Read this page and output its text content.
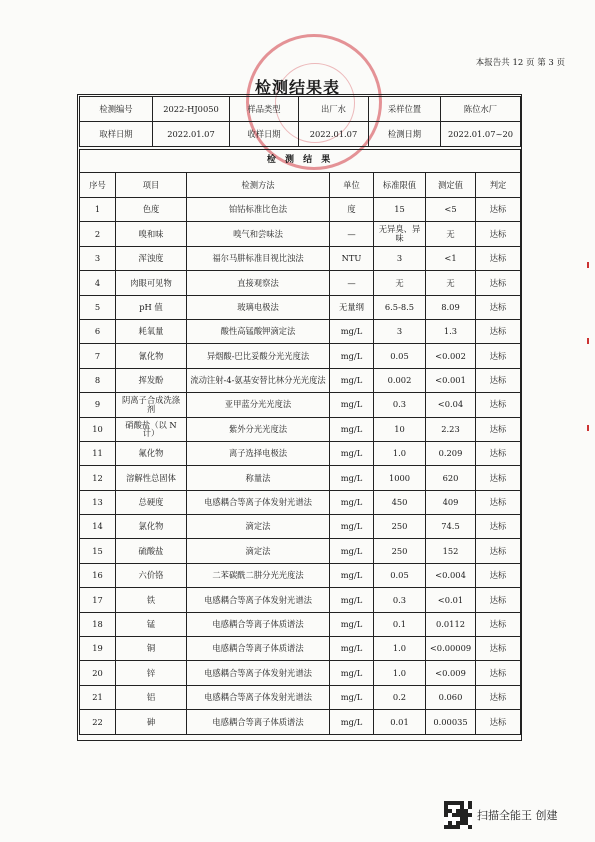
本报告共 12 页 第 3 页
检测结果表
检测编号	2022-HJ0050	样品类型	出厂水	采样位置	陈位水厂
取样日期	2022.01.07	收样日期	2022.01.07	检测日期	2022.01.07~20
检 测 结 果						
序号	项目	检测方法	单位	标准限值	测定值	判定
1	色度	铂钴标准比色法	度	15	<5	达标
2	嗅和味	嗅气和尝味法	—	无异臭、异味	无	达标
3	浑浊度	福尔马肼标准目视比浊法	NTU	3	<1	达标
4	肉眼可见物	直接观察法	—	无	无	达标
5	pH 值	玻璃电极法	无量纲	6.5-8.5	8.09	达标
6	耗氧量	酸性高锰酸钾滴定法	mg/L	3	1.3	达标
7	氰化物	异烟酸-巴比妥酸分光光度法	mg/L	0.05	<0.002	达标
8	挥发酚	流动注射-4-氨基安替比林分光光度法	mg/L	0.002	<0.001	达标
9	阴离子合成洗涤剂	亚甲蓝分光光度法	mg/L	0.3	<0.04	达标
10	硝酸盐（以 N 计）	紫外分光光度法	mg/L	10	2.23	达标
11	氟化物	离子选择电极法	mg/L	1.0	0.209	达标
12	溶解性总固体	称量法	mg/L	1000	620	达标
13	总硬度	电感耦合等离子体发射光谱法	mg/L	450	409	达标
14	氯化物	滴定法	mg/L	250	74.5	达标
15	硫酸盐	滴定法	mg/L	250	152	达标
16	六价铬	二苯碳酰二肼分光光度法	mg/L	0.05	<0.004	达标
17	铁	电感耦合等离子体发射光谱法	mg/L	0.3	<0.01	达标
18	锰	电感耦合等离子体质谱法	mg/L	0.1	0.0112	达标
19	铜	电感耦合等离子体质谱法	mg/L	1.0	<0.00009	达标
20	锌	电感耦合等离子体发射光谱法	mg/L	1.0	<0.009	达标
21	铝	电感耦合等离子体发射光谱法	mg/L	0.2	0.060	达标
22	砷	电感耦合等离子体质谱法	mg/L	0.01	0.00035	达标
扫描全能王 创建
